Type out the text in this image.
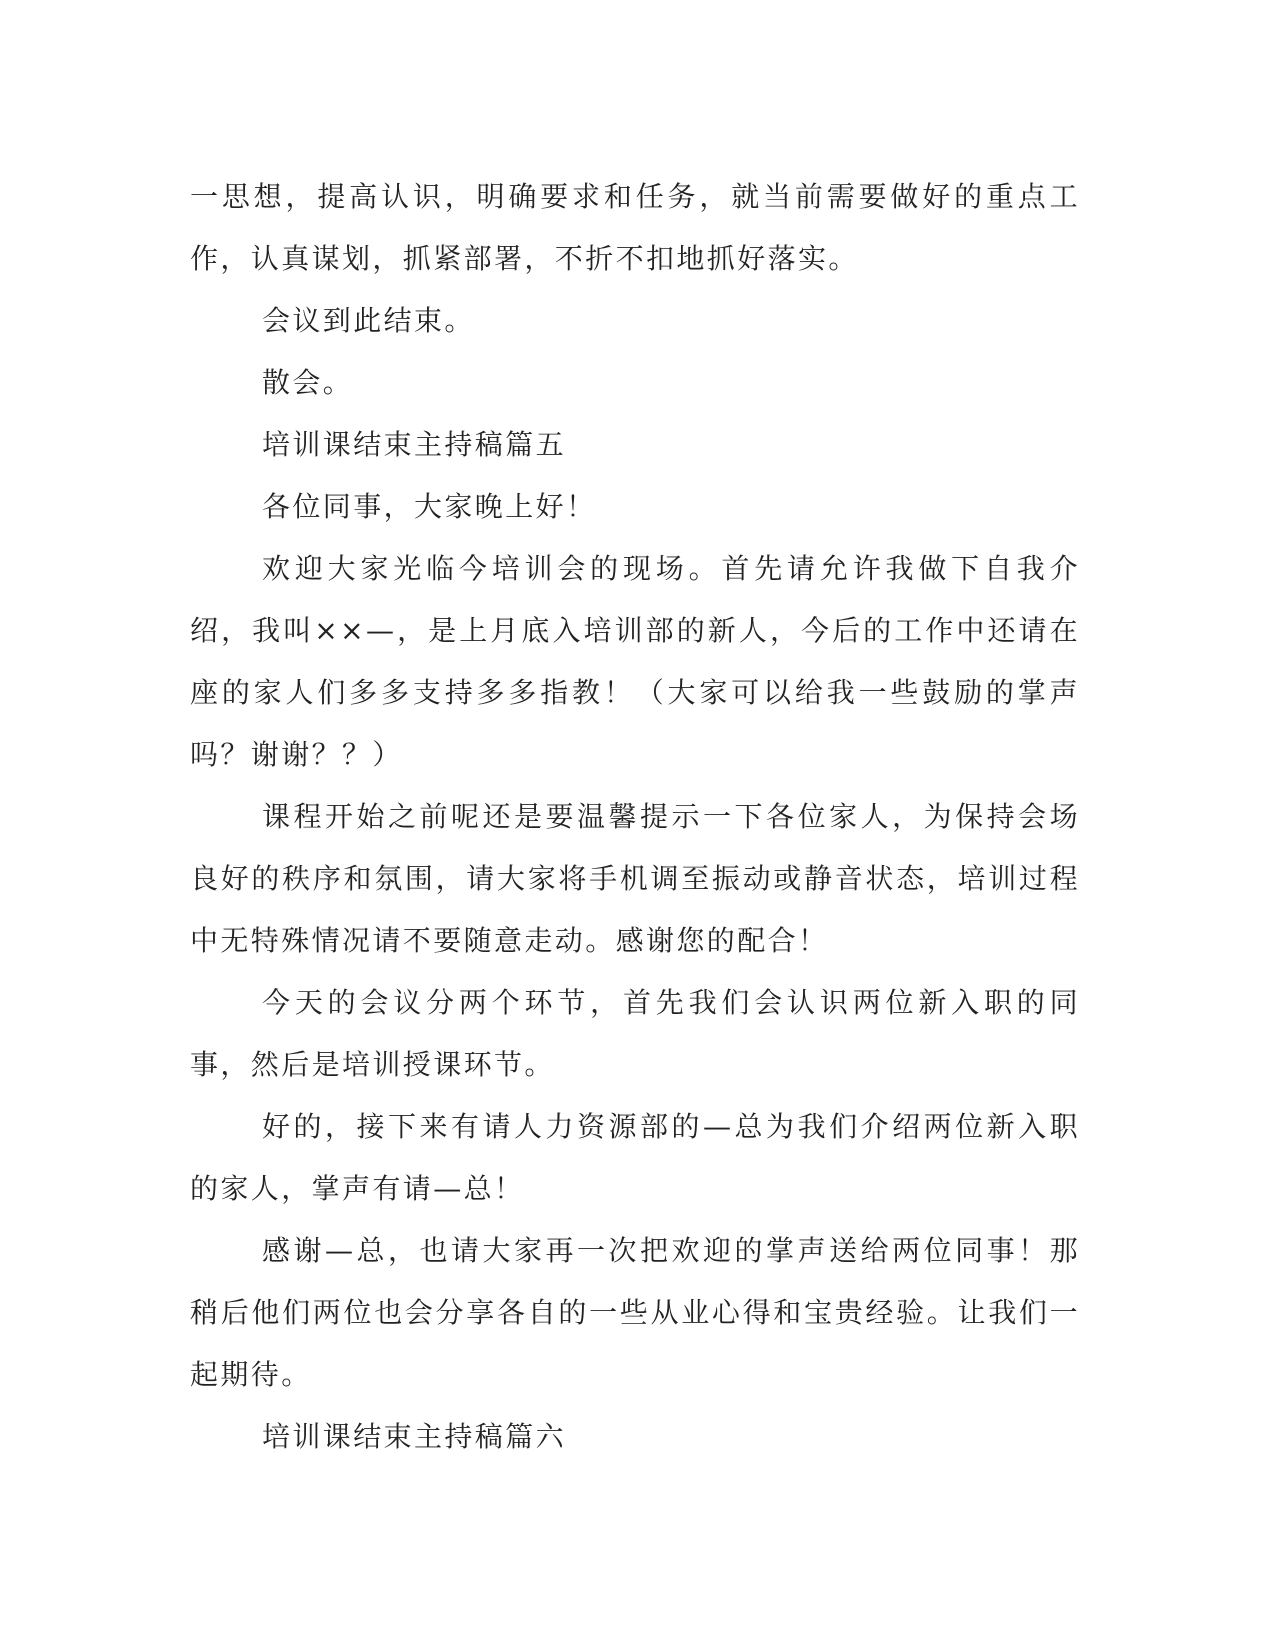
一思想，提高认识，明确要求和任务，就当前需要做好的重点工作，认真谋划，抓紧部署，不折不扣地抓好落实。

会议到此结束。

散会。

培训课结束主持稿篇五

各位同事，大家晚上好！

欢迎大家光临今培训会的现场。首先请允许我做下自我介绍，我叫××—，是上月底入培训部的新人，今后的工作中还请在座的家人们多多支持多多指教！（大家可以给我一些鼓励的掌声吗？谢谢？？）

课程开始之前呢还是要温馨提示一下各位家人，为保持会场良好的秩序和氛围，请大家将手机调至振动或静音状态，培训过程中无特殊情况请不要随意走动。感谢您的配合！

今天的会议分两个环节，首先我们会认识两位新入职的同事，然后是培训授课环节。

好的，接下来有请人力资源部的—总为我们介绍两位新入职的家人，掌声有请—总！

感谢—总，也请大家再一次把欢迎的掌声送给两位同事！那稍后他们两位也会分享各自的一些从业心得和宝贵经验。让我们一起期待。

培训课结束主持稿篇六
